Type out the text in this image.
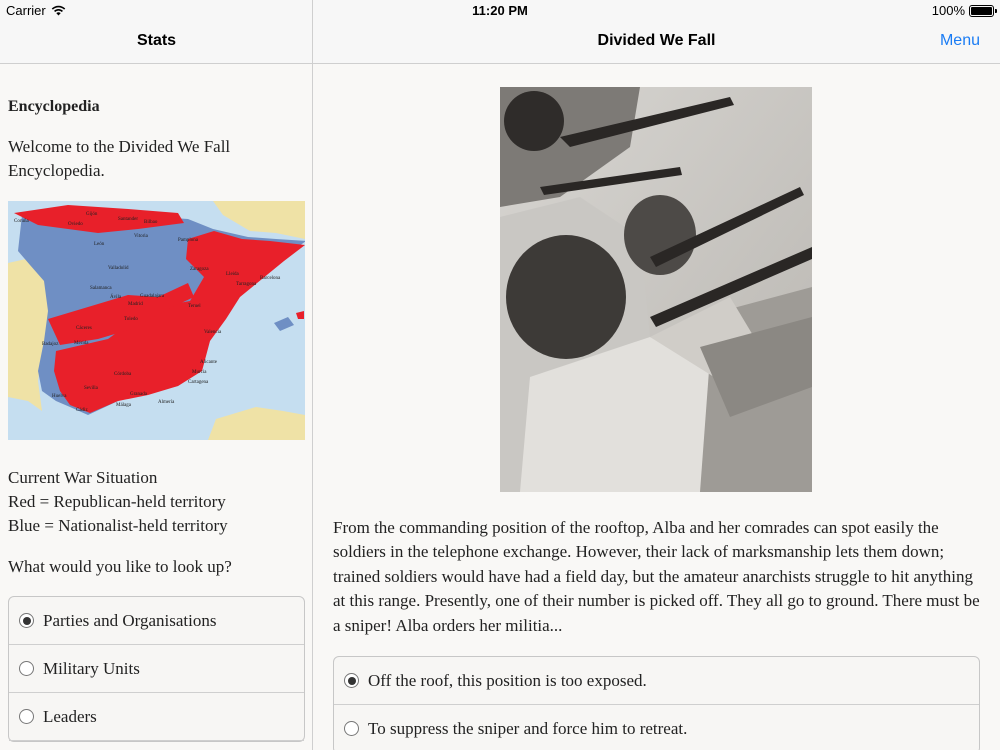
Carrier	11:20 PM	100%
Stats	Divided We Fall	Menu
Encyclopedia
Welcome to the Divided We Fall Encyclopedia.
Gijón
Santander
Coruña
Oviedo	Bilbao
Vitoria
Pamplona
León
Valladolid	Zaragoza
Lleida
Barcelona
Tarragona
Salamanca
Ávila	Guadalajara
Madrid	Teruel
Toledo
Cáceres
Valencia
Badajoz	Mérida
Alicante
Córdoba	Murcia
Sevilla
Cartagena
Granada
Huelva
Almería
Málaga
Cádiz
Current War Situation
Red = Republican-held territory
Blue = Nationalist-held territory
What would you like to look up?
Parties and Organisations
Military Units
Leaders
From the commanding position of the rooftop, Alba and her comrades can spot easily the soldiers in the telephone exchange. However, their lack of marksmanship lets them down; trained soldiers would have had a field day, but the amateur anarchists struggle to hit anything at this range. Presently, one of their number is picked off. They all go to ground. There must be a sniper! Alba orders her militia...
Off the roof, this position is too exposed.
To suppress the sniper and force him to retreat.
